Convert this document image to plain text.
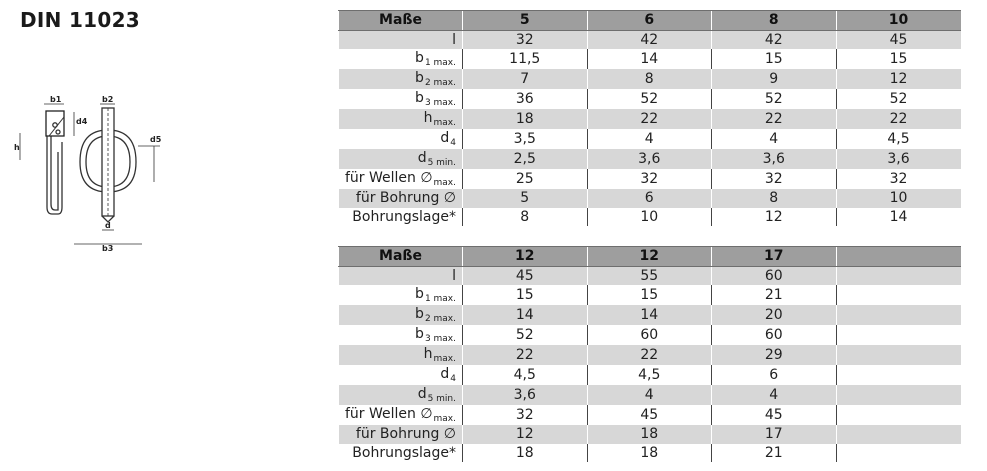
DIN 11023
b1	b2
d4
h
d5
d
b3
Maße	5	6	8	10
l	32	42	42	45
$b_{1 max.}$	11,5	14	15	15
$b_{2 max.}$	7	8	9	12
$b_{3 max.}$	36	52	52	52
$h_{max.}$	18	22	22	22
$d_4$	3,5	4	4	4,5
$d_{5 min.}$	2,5	3,6	3,6	3,6
für Wellen $\emptyset_{max.}$	25	32	32	32
für Bohrung ∅	5	6	8	10
Bohrungslage*	8	10	12	14
Maße	12	12	17	
l	45	55	60	
$b_{1 max.}$	15	15	21	
$b_{2 max.}$	14	14	20	
$b_{3 max.}$	52	60	60	
$h_{max.}$	22	22	29	
$d_4$	4,5	4,5	6	
$d_{5 min.}$	3,6	4	4	
für Wellen $\emptyset_{max.}$	32	45	45	
für Bohrung ∅	12	18	17	
Bohrungslage*	18	18	21	
